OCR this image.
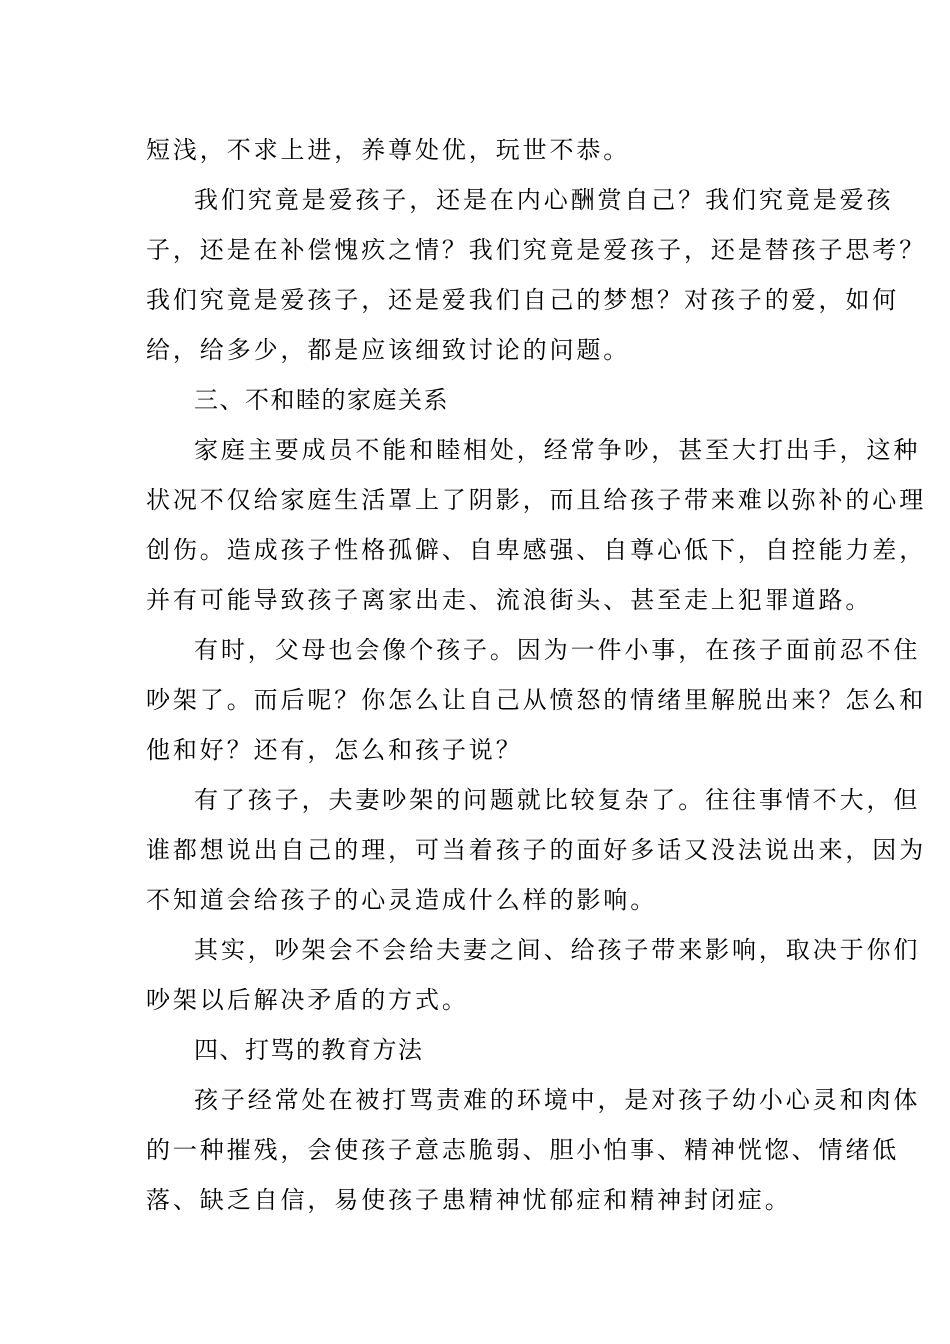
短浅，不求上进，养尊处优，玩世不恭。
我们究竟是爱孩子，还是在内心酬赏自己？我们究竟是爱孩
子，还是在补偿愧疚之情？我们究竟是爱孩子，还是替孩子思考？
我们究竟是爱孩子，还是爱我们自己的梦想？对孩子的爱，如何
给，给多少，都是应该细致讨论的问题。
三、不和睦的家庭关系
家庭主要成员不能和睦相处，经常争吵，甚至大打出手，这种
状况不仅给家庭生活罩上了阴影，而且给孩子带来难以弥补的心理
创伤。造成孩子性格孤僻、自卑感强、自尊心低下，自控能力差，
并有可能导致孩子离家出走、流浪街头、甚至走上犯罪道路。
有时，父母也会像个孩子。因为一件小事，在孩子面前忍不住
吵架了。而后呢？你怎么让自己从愤怒的情绪里解脱出来？怎么和
他和好？还有，怎么和孩子说？
有了孩子，夫妻吵架的问题就比较复杂了。往往事情不大，但
谁都想说出自己的理，可当着孩子的面好多话又没法说出来，因为
不知道会给孩子的心灵造成什么样的影响。
其实，吵架会不会给夫妻之间、给孩子带来影响，取决于你们
吵架以后解决矛盾的方式。
四、打骂的教育方法
孩子经常处在被打骂责难的环境中，是对孩子幼小心灵和肉体
的一种摧残，会使孩子意志脆弱、胆小怕事、精神恍惚、情绪低
落、缺乏自信，易使孩子患精神忧郁症和精神封闭症。
